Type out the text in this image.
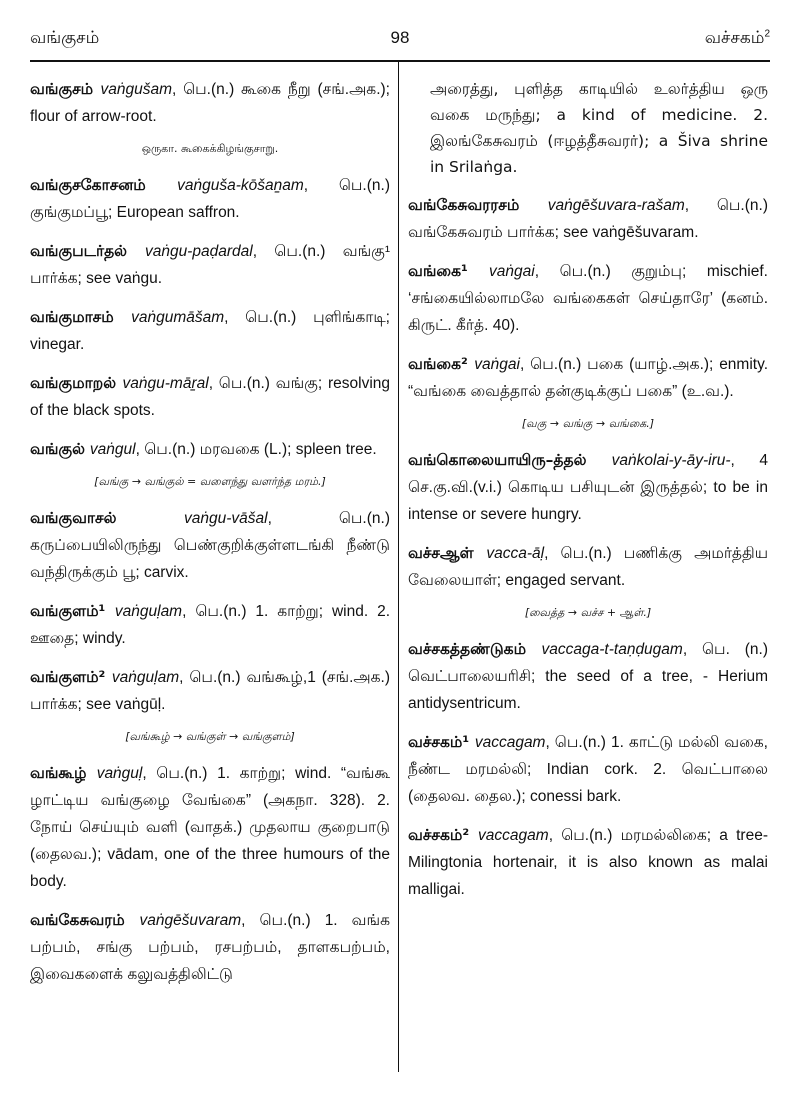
வங்குசம்	98	வச்சகம்$^2$
வங்குசம் vaṅgušam, பெ.(n.) கூகை நீறு (சங்.அக.); flour of arrow-root.
ஒருகா. கூகைக்கிழங்குசாறு.
வங்குசகோசனம் vaṅguša-kōšaṉam, பெ.(n.) குங்குமப்பூ; European saffron.
வங்குபடர்தல் vaṅgu-paḍardal, பெ.(n.) வங்கு¹ பார்க்க; see vaṅgu.
வங்குமாசம் vaṅgumāšam, பெ.(n.) புளிங்காடி; vinegar.
வங்குமாறல் vaṅgu-māṟal, பெ.(n.) வங்கு; resolving of the black spots.
வங்குல் vaṅgul, பெ.(n.) மரவகை (L.); spleen tree.
[வங்கு → வங்குல் = வளைந்து வளர்ந்த மரம்.]
வங்குவாசல்	vaṅgu-vāšal, பெ.(n.) கருப்பையிலிருந்து பெண்குறிக்குள்ளடங்கி நீண்டு வந்திருக்கும் பூ; carvix.
வங்குளம்¹ vaṅguḷam, பெ.(n.) 1. காற்று; wind. 2. ஊதை; windy.
வங்குளம்² vaṅguḷam, பெ.(n.) வங்கூழ்,1 (சங்.அக.) பார்க்க; see vaṅgūḷ.
[வங்கூழ் → வங்குள் → வங்குளம்]
வங்கூழ் vaṅguḷ, பெ.(n.) 1. காற்று; wind. “வங்கூ ழாட்டிய வங்குழை வேங்கை” (அகநா. 328). 2. நோய் செய்யும் வளி (வாதக்.) முதலாய குறைபாடு (தைலவ.); vādam, one of the three humours of the body.
வங்கேசுவரம் vaṅgēšuvaram, பெ.(n.) 1. வங்க பற்பம், சங்கு பற்பம், ரசபற்பம், தாளகபற்பம், இவைகளைக் கலுவத்திலிட்டு
அரைத்து, புளித்த காடியில் உலர்த்திய ஒரு வகை மருந்து; a kind of medicine. 2. இலங்கேசுவரம் (ஈழத்தீசுவரர்); a Šiva shrine in Srilaṅga.
வங்கேசுவரரசம் vaṅgēšuvara-rašam, பெ.(n.) வங்கேசுவரம் பார்க்க; see vaṅgēšuvaram.
வங்கை¹ vaṅgai, பெ.(n.) குறும்பு; mischief. ‘சங்கையில்லாமலே வங்கைகள் செய்தாரே’ (கனம். கிருட். கீர்த். 40).
வங்கை² vaṅgai, பெ.(n.) பகை (யாழ்.அக.); enmity. “வங்கை வைத்தால் தன்குடிக்குப் பகை” (உ.வ.).
[வகு → வங்கு → வங்கை.]
வங்கொலையாயிரு–த்தல் vaṅkolai-y-āy-iru-, 4 செ.கு.வி.(v.i.) கொடிய பசியுடன் இருத்தல்; to be in intense or severe hungry.
வச்சஆள் vacca-āḷ, பெ.(n.) பணிக்கு அமர்த்திய வேலையாள்; engaged servant.
[வைத்த → வச்ச + ஆள்.]
வச்சகத்தண்டுகம் vaccaga-t-taṇḍugam, பெ. (n.) வெட்பாலையரிசி; the seed of a tree, - Herium antidysentricum.
வச்சகம்¹ vaccagam, பெ.(n.) 1. காட்டு மல்லி வகை, நீண்ட மரமல்லி; Indian cork. 2. வெட்பாலை (தைலவ. தைல.); conessi bark.
வச்சகம்² vaccagam, பெ.(n.) மரமல்லிகை; a tree-Milingtonia hortenair, it is also known as malai malligai.
